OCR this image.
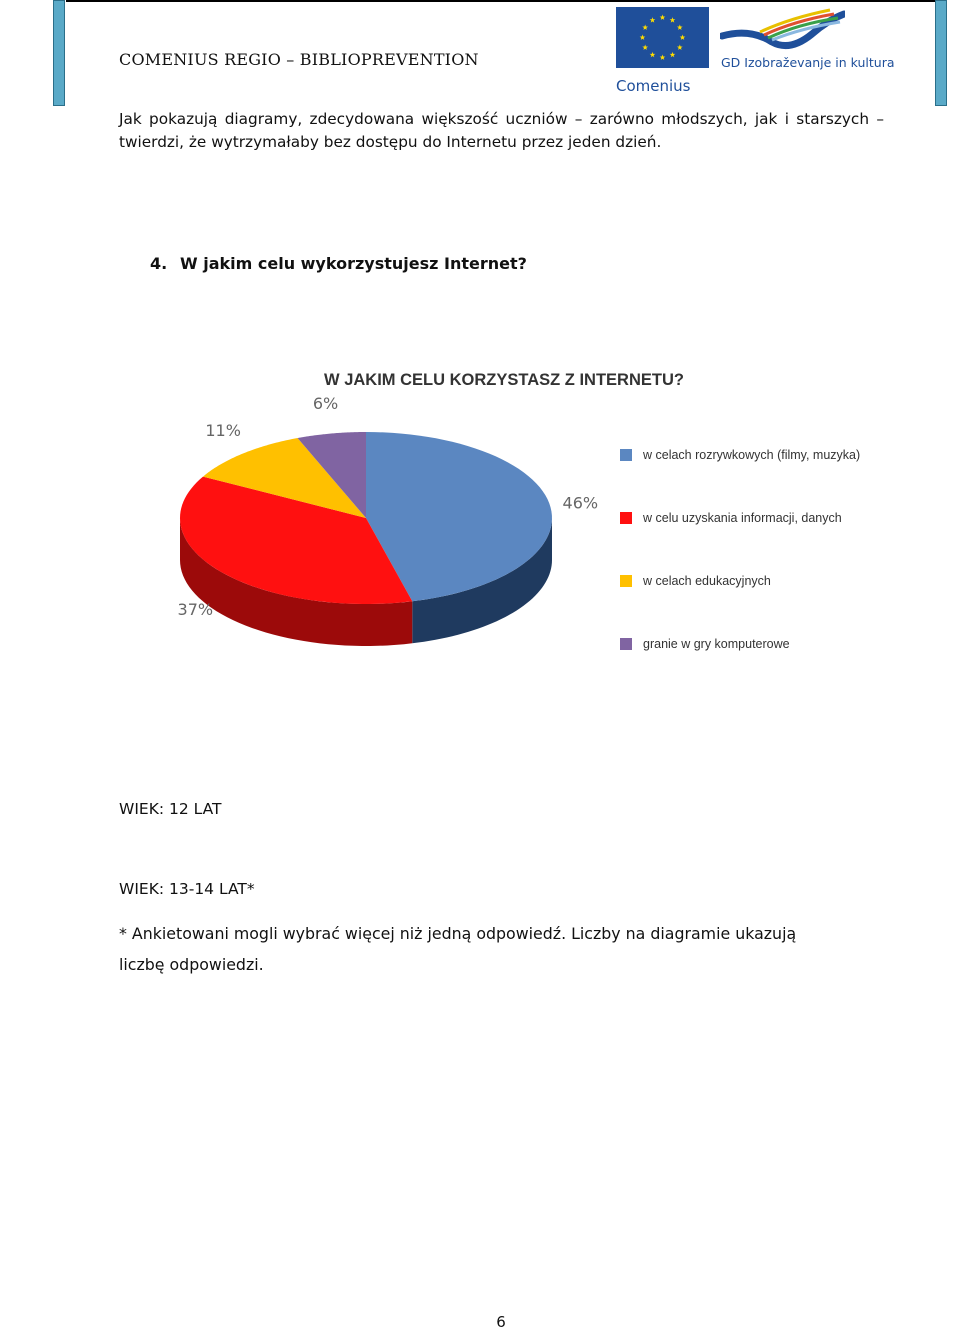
COMENIUS REGIO – BIBLIOPREVENTION
Comenius
GD Izobraževanje in kultura
Jak pokazują diagramy, zdecydowana większość uczniów – zarówno młodszych, jak i starszych – twierdzi, że wytrzymałaby bez dostępu do Internetu przez jeden dzień.
4. W jakim celu wykorzystujesz Internet?
W JAKIM CELU KORZYSTASZ Z INTERNETU?
46%
37%
11%
6%
w celach rozrywkowych (filmy, muzyka)
w celu uzyskania informacji, danych
w celach edukacyjnych
granie w gry komputerowe
WIEK: 12 LAT
WIEK: 13-14 LAT*
* Ankietowani mogli wybrać więcej niż jedną odpowiedź. Liczby na diagramie ukazują liczbę odpowiedzi.
6
